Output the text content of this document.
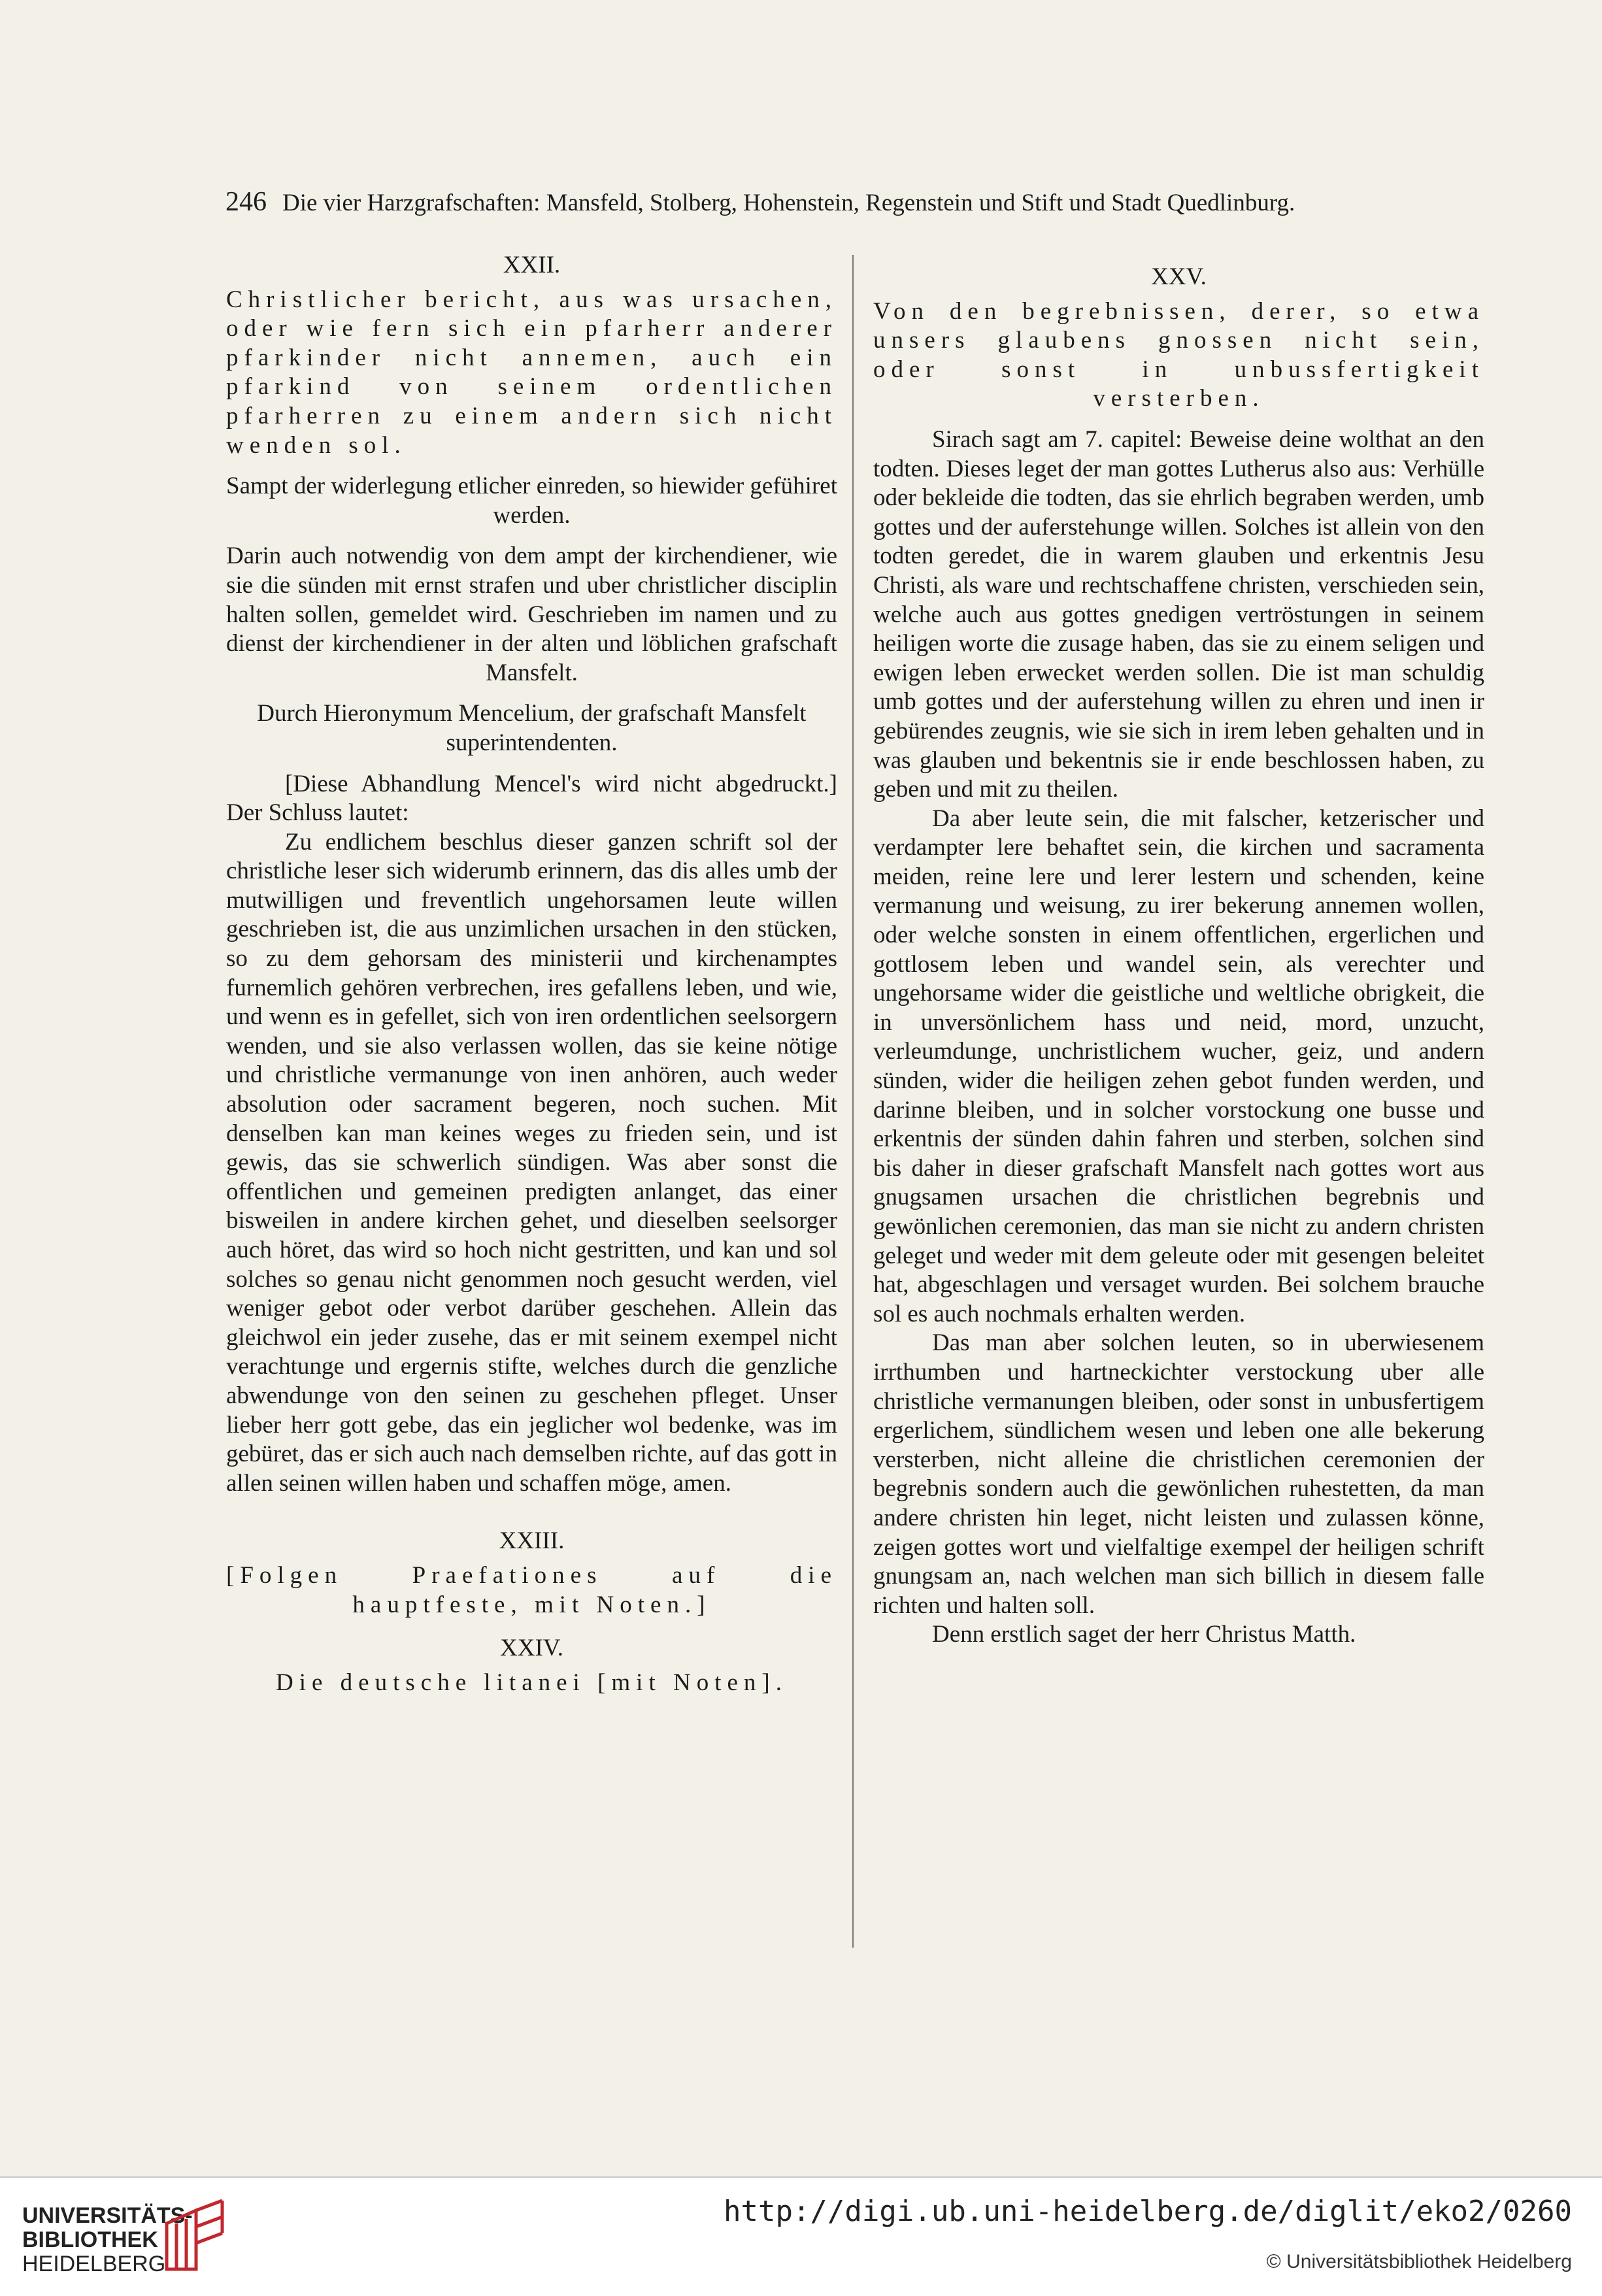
246 Die vier Harzgrafschaften: Mansfeld, Stolberg, Hohenstein, Regenstein und Stift und Stadt Quedlinburg.

XXII.

Christlicher bericht, aus was ursachen, oder wie fern sich ein pfarherr anderer pfarkinder nicht annemen, auch ein pfarkind von seinem ordentlichen pfarherren zu einem andern sich nicht wenden sol.

Sampt der widerlegung etlicher einreden, so hiewider gefühiret werden.

Darin auch notwendig von dem ampt der kirchendiener, wie sie die sünden mit ernst strafen und uber christlicher disciplin halten sollen, gemeldet wird. Geschrieben im namen und zu dienst der kirchendiener in der alten und löblichen grafschaft Mansfelt.

Durch Hieronymum Mencelium, der grafschaft Mansfelt superintendenten.

[Diese Abhandlung Mencel's wird nicht abgedruckt.] Der Schluss lautet:

Zu endlichem beschlus dieser ganzen schrift sol der christliche leser sich widerumb erinnern, das dis alles umb der mutwilligen und freventlich ungehorsamen leute willen geschrieben ist, die aus unzimlichen ursachen in den stücken, so zu dem gehorsam des ministerii und kirchenamptes furnemlich gehören verbrechen, ires gefallens leben, und wie, und wenn es in gefellet, sich von iren ordentlichen seelsorgern wenden, und sie also verlassen wollen, das sie keine nötige und christliche vermanunge von inen anhören, auch weder absolution oder sacrament begeren, noch suchen. Mit denselben kan man keines weges zu frieden sein, und ist gewis, das sie schwerlich sündigen. Was aber sonst die offentlichen und gemeinen predigten anlanget, das einer bisweilen in andere kirchen gehet, und dieselben seelsorger auch höret, das wird so hoch nicht gestritten, und kan und sol solches so genau nicht genommen noch gesucht werden, viel weniger gebot oder verbot darüber geschehen. Allein das gleichwol ein jeder zusehe, das er mit seinem exempel nicht verachtunge und ergernis stifte, welches durch die genzliche abwendunge von den seinen zu geschehen pfleget. Unser lieber herr gott gebe, das ein jeglicher wol bedenke, was im gebüret, das er sich auch nach demselben richte, auf das gott in allen seinen willen haben und schaffen möge, amen.

XXIII.

[Folgen Praefationes auf die hauptfeste, mit Noten.]

XXIV.

Die deutsche litanei [mit Noten].

XXV.

Von den begrebnissen, derer, so etwa unsers glaubens gnossen nicht sein, oder sonst in unbussfertigkeit versterben.

Sirach sagt am 7. capitel: Beweise deine wolthat an den todten. Dieses leget der man gottes Lutherus also aus: Verhülle oder bekleide die todten, das sie ehrlich begraben werden, umb gottes und der auferstehunge willen. Solches ist allein von den todten geredet, die in warem glauben und erkentnis Jesu Christi, als ware und rechtschaffene christen, verschieden sein, welche auch aus gottes gnedigen vertröstungen in seinem heiligen worte die zusage haben, das sie zu einem seligen und ewigen leben erwecket werden sollen. Die ist man schuldig umb gottes und der auferstehung willen zu ehren und inen ir gebürendes zeugnis, wie sie sich in irem leben gehalten und in was glauben und bekentnis sie ir ende beschlossen haben, zu geben und mit zu theilen.

Da aber leute sein, die mit falscher, ketzerischer und verdampter lere behaftet sein, die kirchen und sacramenta meiden, reine lere und lerer lestern und schenden, keine vermanung und weisung, zu irer bekerung annemen wollen, oder welche sonsten in einem offentlichen, ergerlichen und gottlosem leben und wandel sein, als verechter und ungehorsame wider die geistliche und weltliche obrigkeit, die in unversönlichem hass und neid, mord, unzucht, verleumdunge, unchristlichem wucher, geiz, und andern sünden, wider die heiligen zehen gebot funden werden, und darinne bleiben, und in solcher vorstockung one busse und erkentnis der sünden dahin fahren und sterben, solchen sind bis daher in dieser grafschaft Mansfelt nach gottes wort aus gnugsamen ursachen die christlichen begrebnis und gewönlichen ceremonien, das man sie nicht zu andern christen geleget und weder mit dem geleute oder mit gesengen beleitet hat, abgeschlagen und versaget wurden. Bei solchem brauche sol es auch nochmals erhalten werden.

Das man aber solchen leuten, so in uberwiesenem irrthumben und hartneckichter verstockung uber alle christliche vermanungen bleiben, oder sonst in unbusfertigem ergerlichem, sündlichem wesen und leben one alle bekerung versterben, nicht alleine die christlichen ceremonien der begrebnis sondern auch die gewönlichen ruhestetten, da man andere christen hin leget, nicht leisten und zulassen könne, zeigen gottes wort und vielfaltige exempel der heiligen schrift gnungsam an, nach welchen man sich billich in diesem falle richten und halten soll.

Denn erstlich saget der herr Christus Matth.

UNIVERSITÄTS-
BIBLIOTHEK
HEIDELBERG
http://digi.ub.uni-heidelberg.de/diglit/eko2/0260
© Universitätsbibliothek Heidelberg
